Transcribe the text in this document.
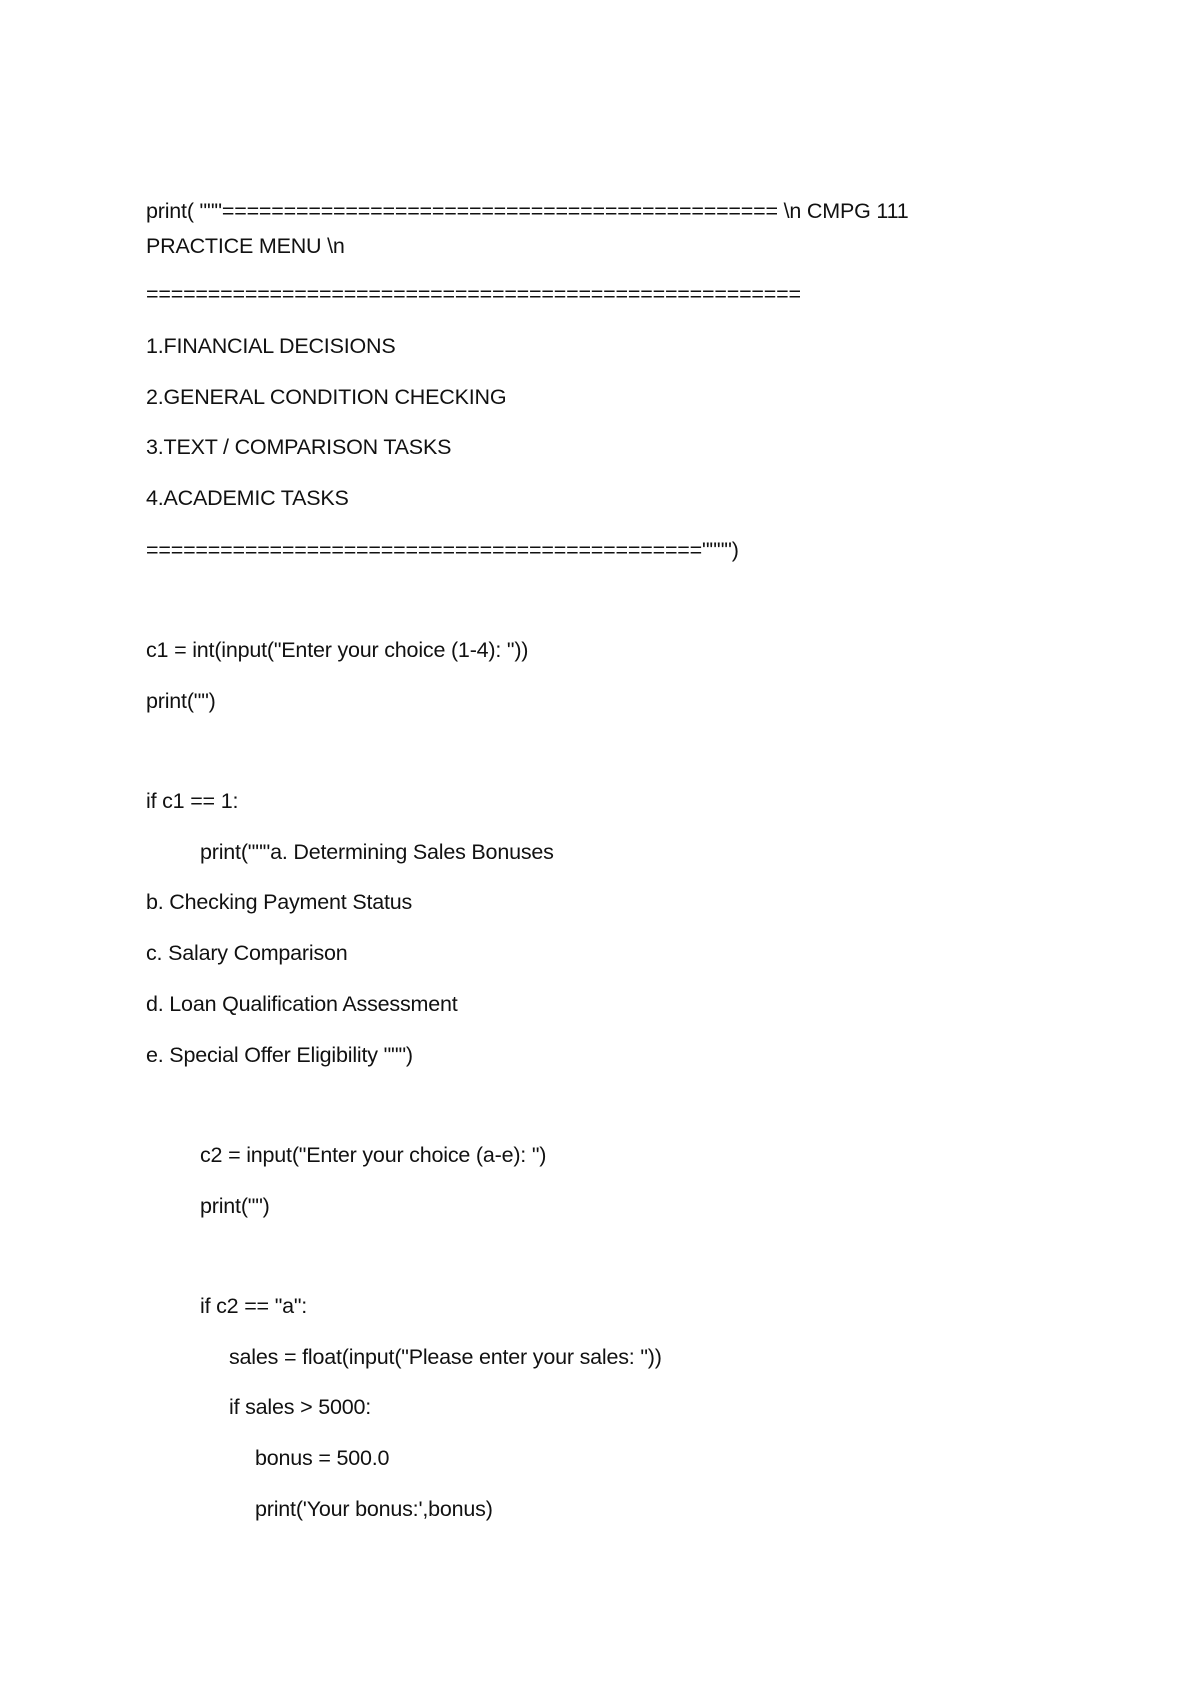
print( """============================================= \n CMPG 111
PRACTICE MENU \n
=====================================================
1.FINANCIAL DECISIONS
2.GENERAL CONDITION CHECKING
3.TEXT / COMPARISON TASKS
4.ACADEMIC TASKS
============================================="""")
c1 = int(input("Enter your choice (1-4): "))
print("")
if c1 == 1:
print("""a. Determining Sales Bonuses
b. Checking Payment Status
c. Salary Comparison
d. Loan Qualification Assessment
e. Special Offer Eligibility """)
c2 = input("Enter your choice (a-e): ")
print("")
if c2 == "a":
sales = float(input("Please enter your sales: "))
if sales > 5000:
bonus = 500.0
print('Your bonus:',bonus)
